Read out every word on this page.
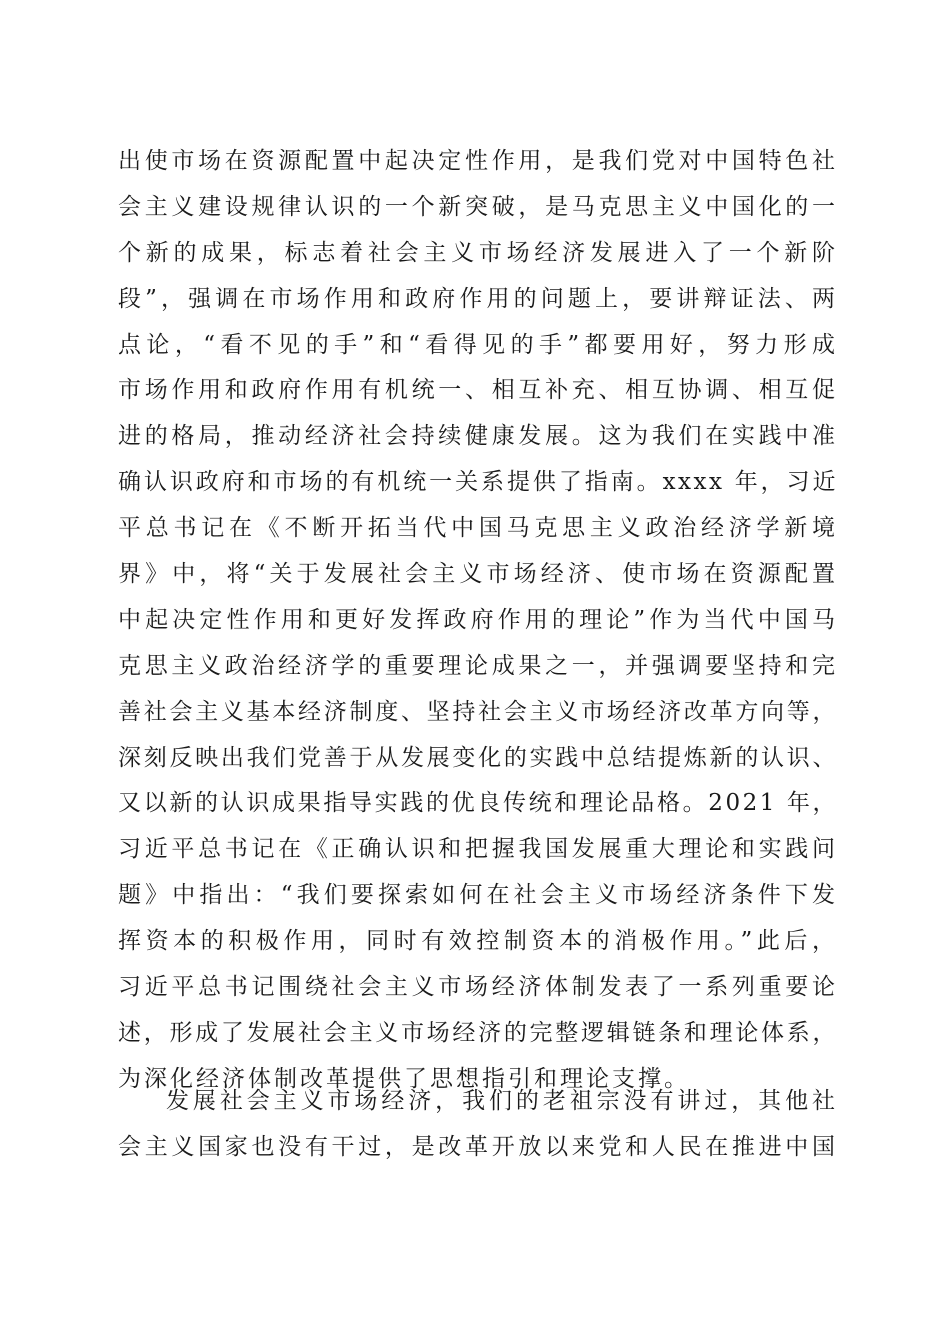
出使市场在资源配置中起决定性作用，是我们党对中国特色社
会主义建设规律认识的一个新突破，是马克思主义中国化的一
个新的成果，标志着社会主义市场经济发展进入了一个新阶
段”，强调在市场作用和政府作用的问题上，要讲辩证法、两
点论，“看不见的手”和“看得见的手”都要用好，努力形成
市场作用和政府作用有机统一、相互补充、相互协调、相互促
进的格局，推动经济社会持续健康发展。这为我们在实践中准
确认识政府和市场的有机统一关系提供了指南。xxxx 年，习近
平总书记在《不断开拓当代中国马克思主义政治经济学新境
界》中，将“关于发展社会主义市场经济、使市场在资源配置
中起决定性作用和更好发挥政府作用的理论”作为当代中国马
克思主义政治经济学的重要理论成果之一，并强调要坚持和完
善社会主义基本经济制度、坚持社会主义市场经济改革方向等，
深刻反映出我们党善于从发展变化的实践中总结提炼新的认识、
又以新的认识成果指导实践的优良传统和理论品格。2021 年，
习近平总书记在《正确认识和把握我国发展重大理论和实践问
题》中指出：“我们要探索如何在社会主义市场经济条件下发
挥资本的积极作用，同时有效控制资本的消极作用。”此后，
习近平总书记围绕社会主义市场经济体制发表了一系列重要论
述，形成了发展社会主义市场经济的完整逻辑链条和理论体系，
为深化经济体制改革提供了思想指引和理论支撑。
发展社会主义市场经济，我们的老祖宗没有讲过，其他社
会主义国家也没有干过，是改革开放以来党和人民在推进中国
